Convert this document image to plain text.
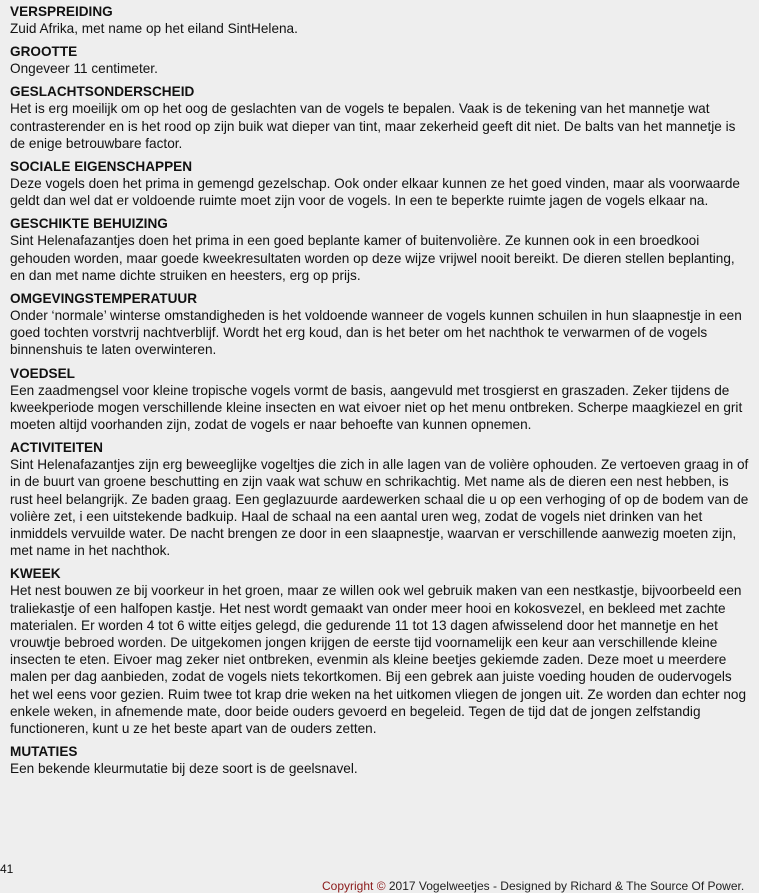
VERSPREIDING
Zuid Afrika, met name op het eiland SintHelena.
GROOTTE
Ongeveer 11 centimeter.
GESLACHTSONDERSCHEID
Het is erg moeilijk om op het oog de geslachten van de vogels te bepalen. Vaak is de tekening van het mannetje wat contrasterender en is het rood op zijn buik wat dieper van tint, maar zekerheid geeft dit niet. De balts van het mannetje is de enige betrouwbare factor.
SOCIALE EIGENSCHAPPEN
Deze vogels doen het prima in gemengd gezelschap. Ook onder elkaar kunnen ze het goed vinden, maar als voorwaarde geldt dan wel dat er voldoende ruimte moet zijn voor de vogels. In een te beperkte ruimte jagen de vogels elkaar na.
GESCHIKTE BEHUIZING
Sint Helenafazantjes doen het prima in een goed beplante kamer of buitenvolière. Ze kunnen ook in een broedkooi gehouden worden, maar goede kweekresultaten worden op deze wijze vrijwel nooit bereikt. De dieren stellen beplanting, en dan met name dichte struiken en heesters, erg op prijs.
OMGEVINGSTEMPERATUUR
Onder ‘normale’ winterse omstandigheden is het voldoende wanneer de vogels kunnen schuilen in hun slaapnestje in een goed tochten vorstvrij nachtverblijf. Wordt het erg koud, dan is het beter om het nachthok te verwarmen of de vogels binnenshuis te laten overwinteren.
VOEDSEL
Een zaadmengsel voor kleine tropische vogels vormt de basis, aangevuld met trosgierst en graszaden. Zeker tijdens de kweekperiode mogen verschillende kleine insecten en wat eivoer niet op het menu ontbreken. Scherpe maagkiezel en grit moeten altijd voorhanden zijn, zodat de vogels er naar behoefte van kunnen opnemen.
ACTIVITEITEN
Sint Helenafazantjes zijn erg beweeglijke vogeltjes die zich in alle lagen van de volière ophouden. Ze vertoeven graag in of in de buurt van groene beschutting en zijn vaak wat schuw en schrikachtig. Met name als de dieren een nest hebben, is rust heel belangrijk. Ze baden graag. Een geglazuurde aardewerken schaal die u op een verhoging of op de bodem van de volière zet, i een uitstekende badkuip. Haal de schaal na een aantal uren weg, zodat de vogels niet drinken van het inmiddels vervuilde water. De nacht brengen ze door in een slaapnestje, waarvan er verschillende aanwezig moeten zijn, met name in het nachthok.
KWEEK
Het nest bouwen ze bij voorkeur in het groen, maar ze willen ook wel gebruik maken van een nestkastje, bijvoorbeeld een traliekastje of een halfopen kastje. Het nest wordt gemaakt van onder meer hooi en kokosvezel, en bekleed met zachte materialen. Er worden 4 tot 6 witte eitjes gelegd, die gedurende 11 tot 13 dagen afwisselend door het mannetje en het vrouwtje bebroed worden. De uitgekomen jongen krijgen de eerste tijd voornamelijk een keur aan verschillende kleine insecten te eten. Eivoer mag zeker niet ontbreken, evenmin als kleine beetjes gekiemde zaden. Deze moet u meerdere malen per dag aanbieden, zodat de vogels niets tekortkomen. Bij een gebrek aan juiste voeding houden de oudervogels het wel eens voor gezien. Ruim twee tot krap drie weken na het uitkomen vliegen de jongen uit. Ze worden dan echter nog enkele weken, in afnemende mate, door beide ouders gevoerd en begeleid. Tegen de tijd dat de jongen zelfstandig functioneren, kunt u ze het beste apart van de ouders zetten.
MUTATIES
Een bekende kleurmutatie bij deze soort is de geelsnavel.
41
Copyright © 2017 Vogelweetjes - Designed by Richard & The Source Of Power.
